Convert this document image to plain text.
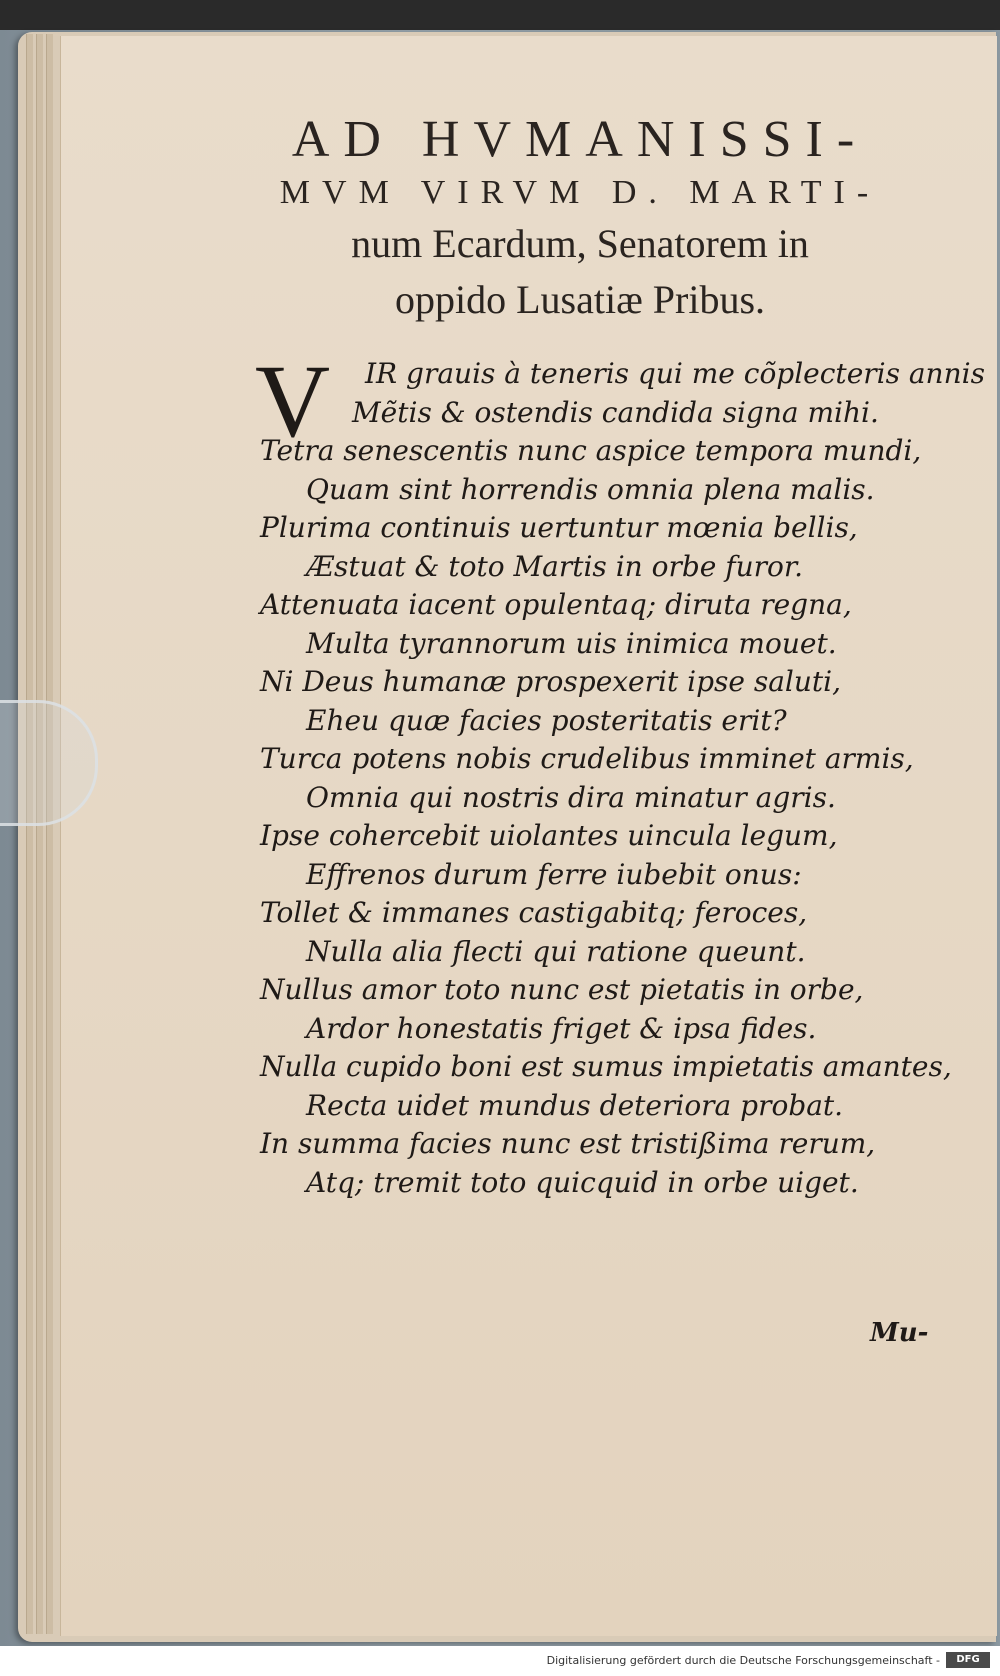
AD HVMANISSI-
MVM VIRVM D. MARTI-
num Ecardum, Senatorem in
oppido Lusatiæ Pribus.
V	IR grauis à teneris qui me cõplecteris annis
Mẽtis & ostendis candida signa mihi.
Tetra senescentis nunc aspice tempora mundi,
Quam sint horrendis omnia plena malis.
Plurima continuis uertuntur mœnia bellis,
Æstuat & toto Martis in orbe furor.
Attenuata iacent opulentaq; diruta regna,
Multa tyrannorum uis inimica mouet.
Ni Deus humanæ prospexerit ipse saluti,
Eheu quæ facies posteritatis erit?
Turca potens nobis crudelibus imminet armis,
Omnia qui nostris dira minatur agris.
Ipse cohercebit uiolantes uincula legum,
Effrenos durum ferre iubebit onus:
Tollet & immanes castigabitq; feroces,
Nulla alia flecti qui ratione queunt.
Nullus amor toto nunc est pietatis in orbe,
Ardor honestatis friget & ipsa fides.
Nulla cupido boni est sumus impietatis amantes,
Recta uidet mundus deteriora probat.
In summa facies nunc est tristißima rerum,
Atq; tremit toto quicquid in orbe uiget.
Mu-
Digitalisierung gefördert durch die Deutsche Forschungsgemeinschaft -	DFG
